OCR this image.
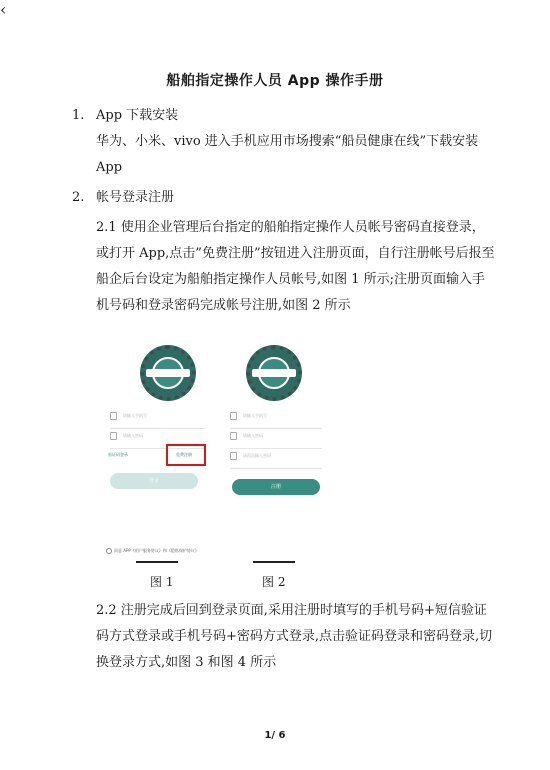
船舶指定操作人员 App 操作手册
1. App 下载安装

华为、小米、vivo 进入手机应用市场搜索“船员健康在线”下载安装 App

2. 帐号登录注册

2.1 使用企业管理后台指定的船舶指定操作人员帐号密码直接登录，或打开 App,点击”免费注册”按钮进入注册页面，自行注册帐号后报至船企后台设定为船舶指定操作人员帐号,如图 1 所示;注册页面输入手机号码和登录密码完成帐号注册,如图 2 所示

请输入手机号
请输入密码
验证码登录	免费注册
登录
同意 APP《用户服务协议》和《隐私保护协议》
‹
请输入手机号
请输入密码
请再次输入密码
注册
图 1	图 2

2.2 注册完成后回到登录页面,采用注册时填写的手机号码+短信验证码方式登录或手机号码+密码方式登录,点击验证码登录和密码登录,切换登录方式,如图 3 和图 4 所示

1/ 6
